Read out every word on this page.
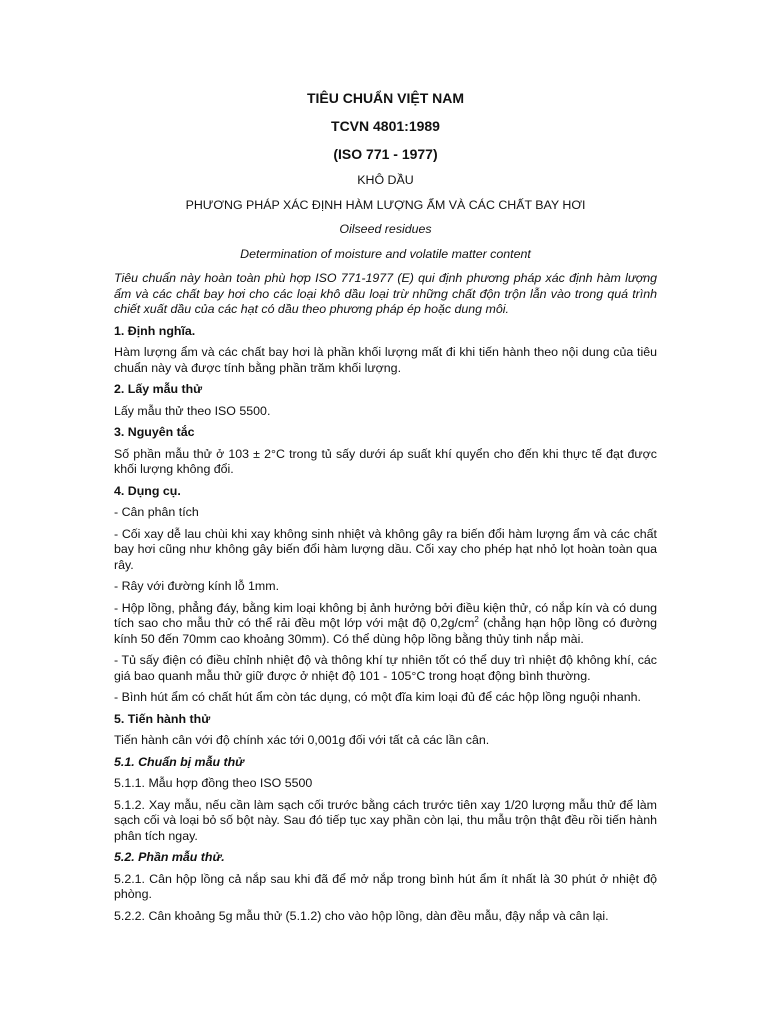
TIÊU CHUẨN VIỆT NAM
TCVN 4801:1989
(ISO 771 - 1977)
KHÔ DẦU
PHƯƠNG PHÁP XÁC ĐỊNH HÀM LƯỢNG ẨM VÀ CÁC CHẤT BAY HƠI
Oilseed residues
Determination of moisture and volatile matter content

Tiêu chuẩn này hoàn toàn phù hợp ISO 771-1977 (E) qui định phương pháp xác định hàm lượng ẩm và các chất bay hơi cho các loại khô dầu loại trừ những chất độn trộn lẫn vào trong quá trình chiết xuất dầu của các hạt có dầu theo phương pháp ép hoặc dung môi.

1. Định nghĩa.

Hàm lượng ẩm và các chất bay hơi là phần khối lượng mất đi khi tiến hành theo nội dung của tiêu chuẩn này và được tính bằng phần trăm khối lượng.

2. Lấy mẫu thử

Lấy mẫu thử theo ISO 5500.

3. Nguyên tắc

Số phần mẫu thử ở 103 ± 2°C trong tủ sấy dưới áp suất khí quyển cho đến khi thực tế đạt được khối lượng không đổi.

4. Dụng cụ.

- Cân phân tích

- Cối xay dễ lau chùi khi xay không sinh nhiệt và không gây ra biến đổi hàm lượng ẩm và các chất bay hơi cũng như không gây biến đổi hàm lượng dầu. Cối xay cho phép hạt nhỏ lọt hoàn toàn qua rây.

- Rây với đường kính lỗ 1mm.

- Hộp lồng, phẳng đáy, bằng kim loại không bị ảnh hưởng bởi điều kiện thử, có nắp kín và có dung tích sao cho mẫu thử có thể rải đều một lớp với mật độ $0,2g/cm^2$ (chẳng hạn hộp lồng có đường kính 50 đến 70mm cao khoảng 30mm). Có thể dùng hộp lồng bằng thủy tinh nắp mài.

- Tủ sấy điện có điều chỉnh nhiệt độ và thông khí tự nhiên tốt có thể duy trì nhiệt độ không khí, các giá bao quanh mẫu thử giữ được ở nhiệt độ 101 - 105°C trong hoạt động bình thường.

- Bình hút ẩm có chất hút ẩm còn tác dụng, có một đĩa kim loại đủ để các hộp lồng nguội nhanh.

5. Tiến hành thử

Tiến hành cân với độ chính xác tới 0,001g đối với tất cả các lần cân.

5.1. Chuẩn bị mẫu thử

5.1.1. Mẫu hợp đồng theo ISO 5500

5.1.2. Xay mẫu, nếu cần làm sạch cối trước bằng cách trước tiên xay 1/20 lượng mẫu thử để làm sạch cối và loại bỏ số bột này. Sau đó tiếp tục xay phần còn lại, thu mẫu trộn thật đều rồi tiến hành phân tích ngay.

5.2. Phần mẫu thử.

5.2.1. Cân hộp lồng cả nắp sau khi đã để mở nắp trong bình hút ẩm ít nhất là 30 phút ở nhiệt độ phòng.

5.2.2. Cân khoảng 5g mẫu thử (5.1.2) cho vào hộp lồng, dàn đều mẫu, đậy nắp và cân lại.
